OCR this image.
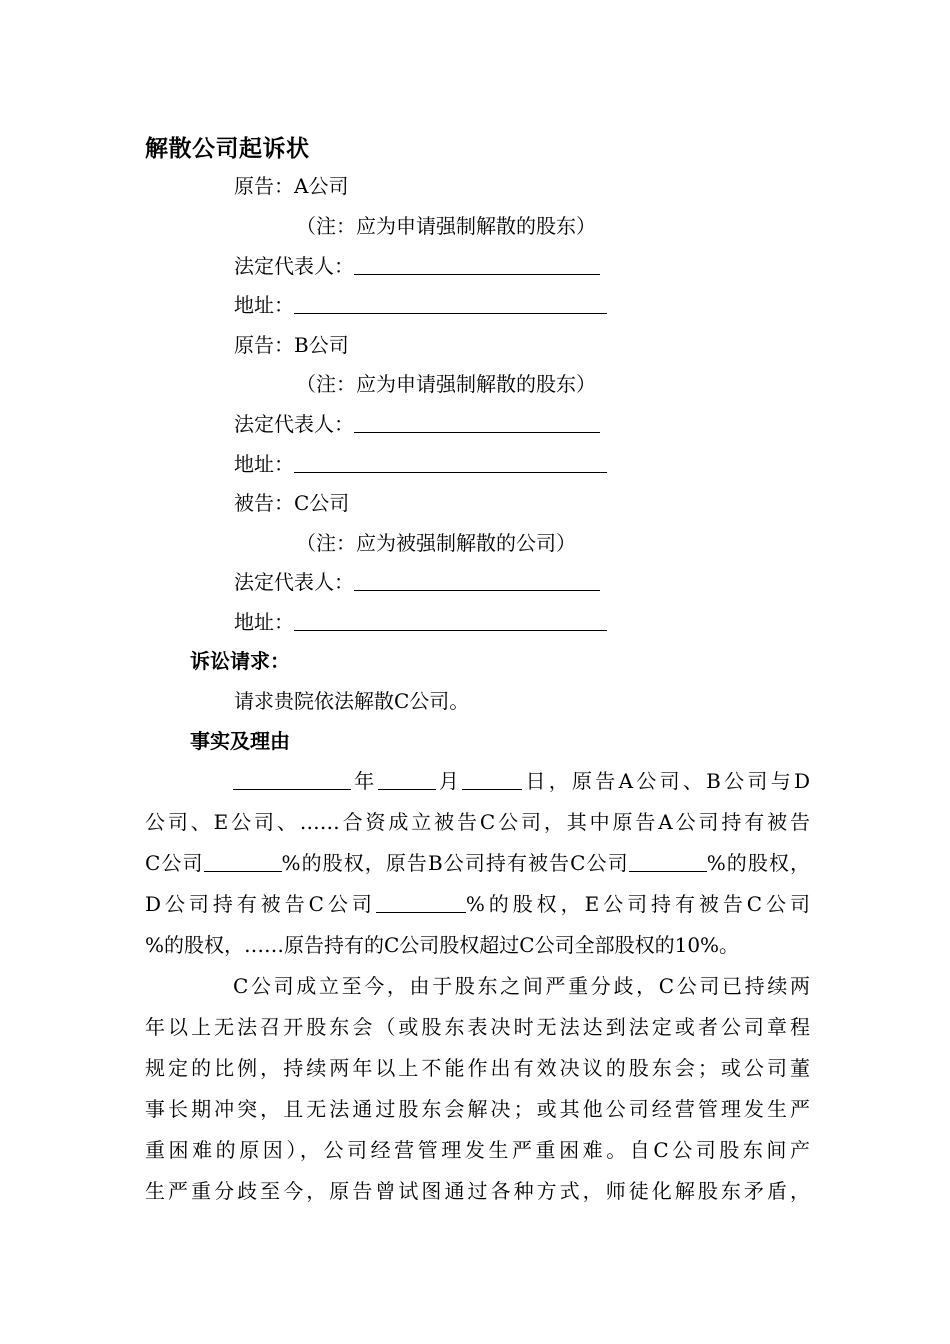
解散公司起诉状
原告：A公司
（注：应为申请强制解散的股东）
法定代表人：
地址：
原告：B公司
（注：应为申请强制解散的股东）
法定代表人：
地址：
被告：C公司
（注：应为被强制解散的公司）
法定代表人：
地址：
诉讼请求：
请求贵院依法解散C公司。
事实及理由
年	月	日，原告A公司、B公司与D
公司、E公司、……合资成立被告C公司，其中原告A公司持有被告
C公司	%的股权，原告B公司持有被告C公司	%的股权，
D公司持有被告C公司	%的股权，E公司持有被告C公司
%的股权，……原告持有的C公司股权超过C公司全部股权的10%。
C公司成立至今，由于股东之间严重分歧，C公司已持续两
年以上无法召开股东会（或股东表决时无法达到法定或者公司章程
规定的比例，持续两年以上不能作出有效决议的股东会；或公司董
事长期冲突，且无法通过股东会解决；或其他公司经营管理发生严
重困难的原因），公司经营管理发生严重困难。自C公司股东间产
生严重分歧至今，原告曾试图通过各种方式，师徒化解股东矛盾，
